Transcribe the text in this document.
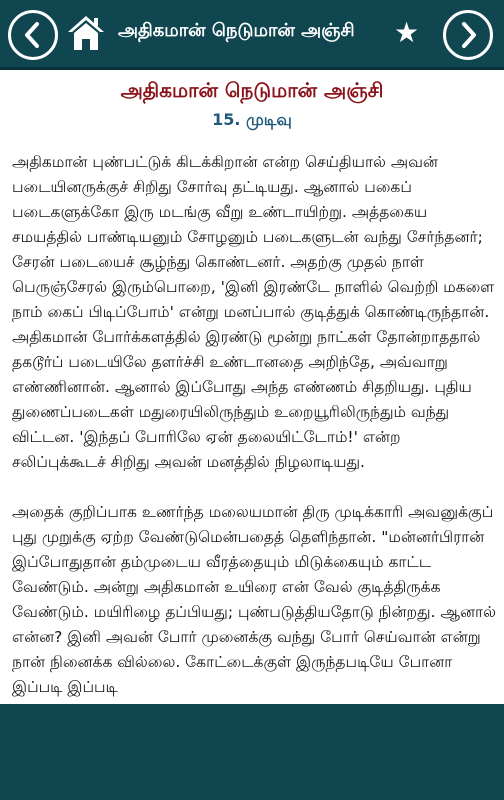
அதிகமான் நெடுமான் அஞ்சி	★
அதிகமான் நெடுமான் அஞ்சி
15. முடிவு

அதிகமான் புண்பட்டுக் கிடக்கிறான் என்ற செய்தியால் அவன் படையினருக்குச் சிறிது சோர்வு தட்டியது. ஆனால் பகைப் படைகளுக்கோ இரு மடங்கு வீறு உண்டாயிற்று. அத்தகைய சமயத்தில் பாண்டியனும் சோழனும் படைகளுடன் வந்து சேர்ந்தனர்; சேரன் படையைச் சூழ்ந்து கொண்டனர். அதற்கு முதல் நாள் பெருஞ்சேரல் இரும்பொறை, 'இனி இரண்டே நாளில் வெற்றி மகளை நாம் கைப் பிடிப்போம்' என்று மனப்பால் குடித்துக் கொண்டிருந்தான். அதிகமான் போர்க்களத்தில் இரண்டு மூன்று நாட்கள் தோன்றாததால் தகடூர்ப் படையிலே தளர்ச்சி உண்டானதை அறிந்தே, அவ்வாறு எண்ணினான். ஆனால் இப்போது அந்த எண்ணம் சிதறியது. புதிய துணைப்படைகள் மதுரையிலிருந்தும் உறையூரிலிருந்தும் வந்து விட்டன. 'இந்தப் போரிலே ஏன் தலையிட்டோம்!' என்ற சலிப்புக்கூடச் சிறிது அவன் மனத்தில் நிழலாடியது.

அதைக் குறிப்பாக உணர்ந்த மலையமான் திரு முடிக்காரி அவனுக்குப் புது முறுக்கு ஏற்ற வேண்டுமென்பதைத் தெளிந்தான். "மன்னர்பிரான் இப்போதுதான் தம்முடைய வீரத்தையும் மிடுக்கையும் காட்ட வேண்டும். அன்று அதிகமான் உயிரை என் வேல் குடித்திருக்க வேண்டும். மயிரிழை தப்பியது; புண்படுத்தியதோடு நின்றது. ஆனால் என்ன? இனி அவன் போர் முனைக்கு வந்து போர் செய்வான் என்று நான் நினைக்க வில்லை. கோட்டைக்குள் இருந்தபடியே போனா இப்படி இப்படி
